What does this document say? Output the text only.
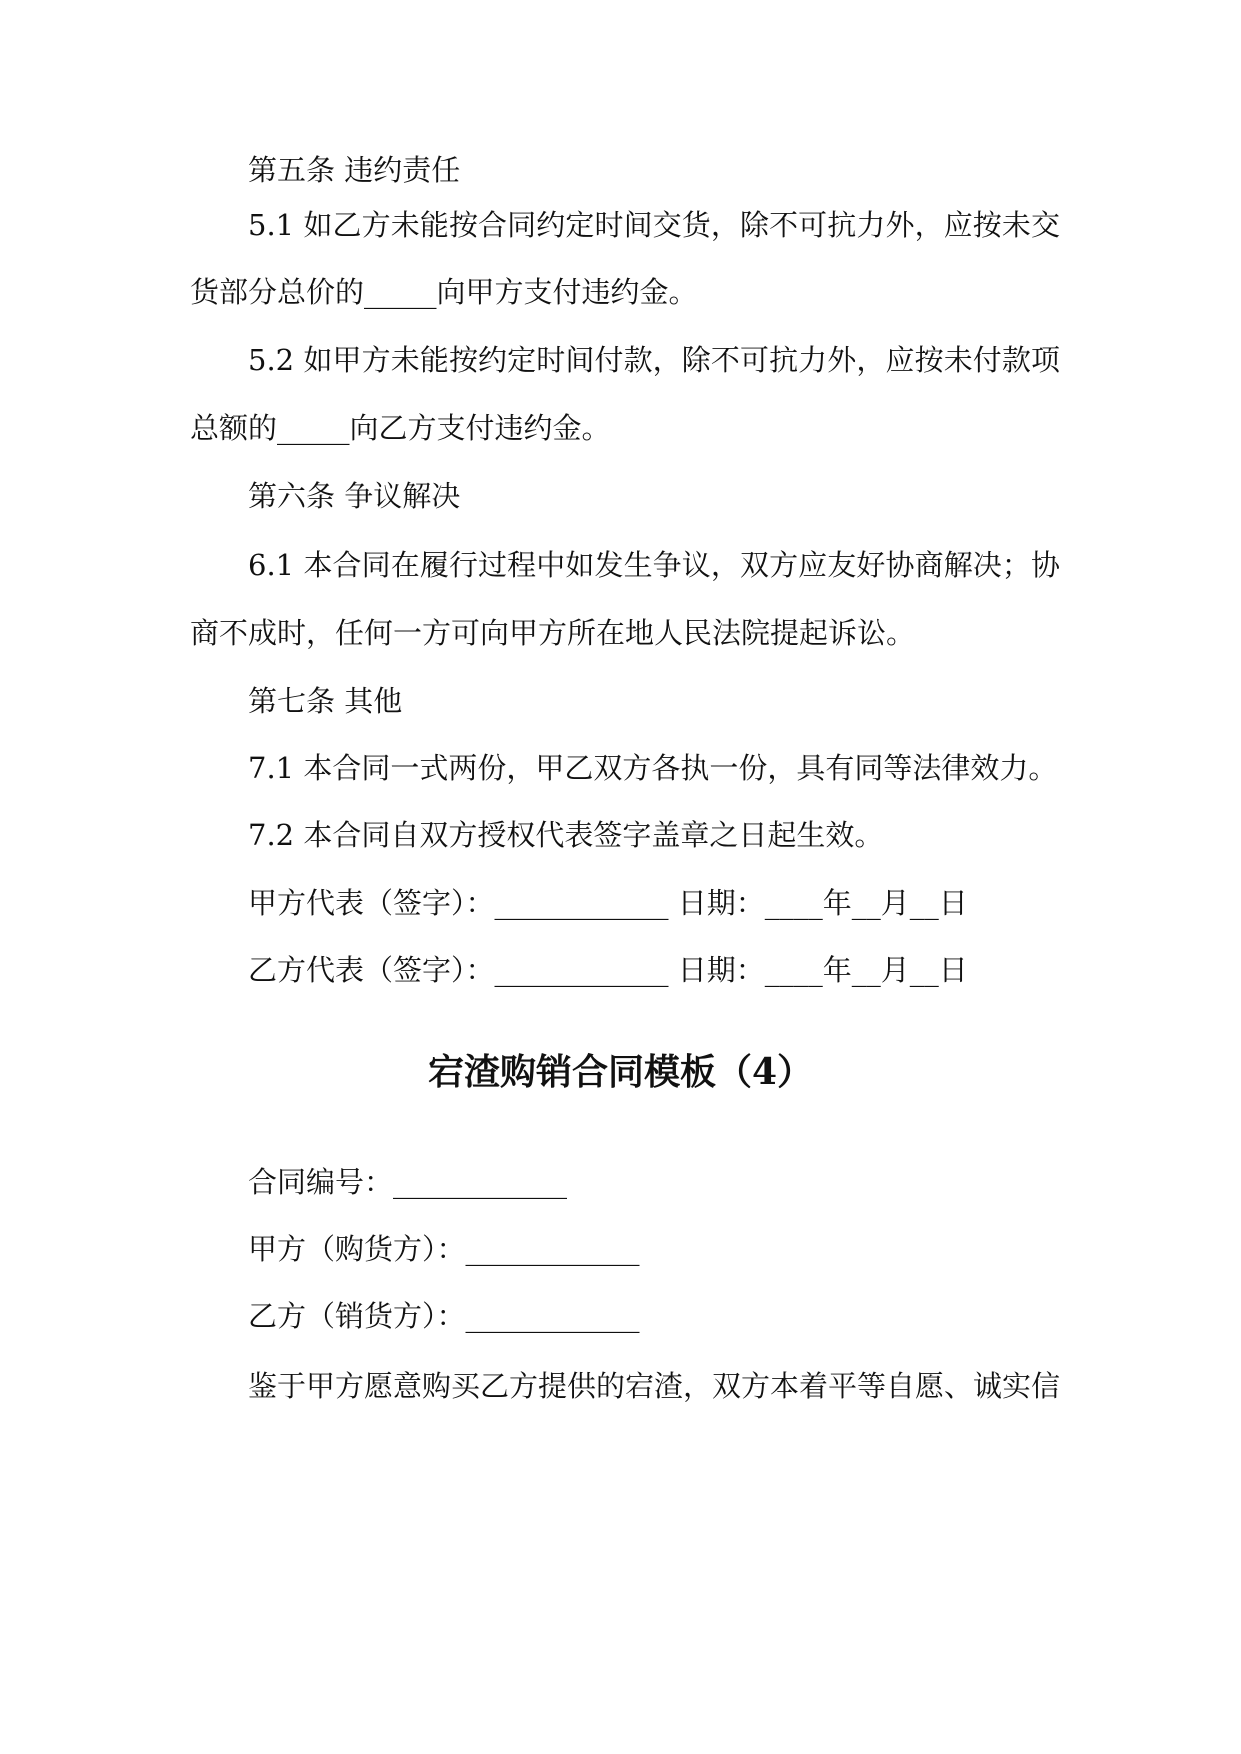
第五条 违约责任
5.1 如乙方未能按合同约定时间交货，除不可抗力外，应按未交
货部分总价的_____向甲方支付违约金。
5.2 如甲方未能按约定时间付款，除不可抗力外，应按未付款项
总额的_____向乙方支付违约金。
第六条 争议解决
6.1 本合同在履行过程中如发生争议，双方应友好协商解决；协
商不成时，任何一方可向甲方所在地人民法院提起诉讼。
第七条 其他
7.1 本合同一式两份，甲乙双方各执一份，具有同等法律效力。
7.2 本合同自双方授权代表签字盖章之日起生效。
甲方代表（签字）：____________ 日期：____年__月__日
乙方代表（签字）：____________ 日期：____年__月__日
宕渣购销合同模板（4）
合同编号：____________
甲方（购货方）：____________
乙方（销货方）：____________
鉴于甲方愿意购买乙方提供的宕渣，双方本着平等自愿、诚实信
